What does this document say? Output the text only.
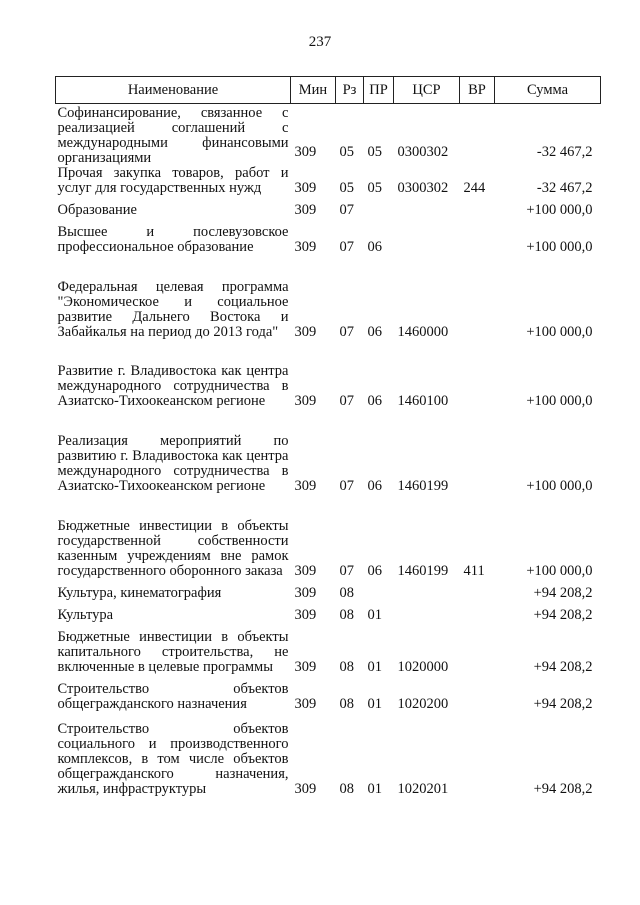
237
Наименование	Мин	Рз	ПР	ЦСР	ВР	Сумма
Софинансирование, связанное с реализацией соглашений с международными финансовыми организациями	309	05	05	0300302		-32 467,2
Прочая закупка товаров, работ и услуг для государственных нужд	309	05	05	0300302	244	-32 467,2
Образование	309	07				+100 000,0
Высшее и послевузовское профессиональное образование	309	07	06			+100 000,0
Федеральная целевая программа "Экономическое и социальное развитие Дальнего Востока и Забайкалья на период до 2013 года"	309	07	06	1460000		+100 000,0
Развитие г. Владивостока как центра международного сотрудничества в Азиатско-Тихоокеанском регионе	309	07	06	1460100		+100 000,0
Реализация мероприятий по развитию г. Владивостока как центра международного сотрудничества в Азиатско-Тихоокеанском регионе	309	07	06	1460199		+100 000,0
Бюджетные инвестиции в объекты государственной собственности казенным учреждениям вне рамок государственного оборонного заказа	309	07	06	1460199	411	+100 000,0
Культура, кинематография	309	08				+94 208,2
Культура	309	08	01			+94 208,2
Бюджетные инвестиции в объекты капитального строительства, не включенные в целевые программы	309	08	01	1020000		+94 208,2
Строительство объектов общегражданского назначения	309	08	01	1020200		+94 208,2
Строительство объектов социального и производственного комплексов, в том числе объектов общегражданского назначения, жилья, инфраструктуры	309	08	01	1020201		+94 208,2
